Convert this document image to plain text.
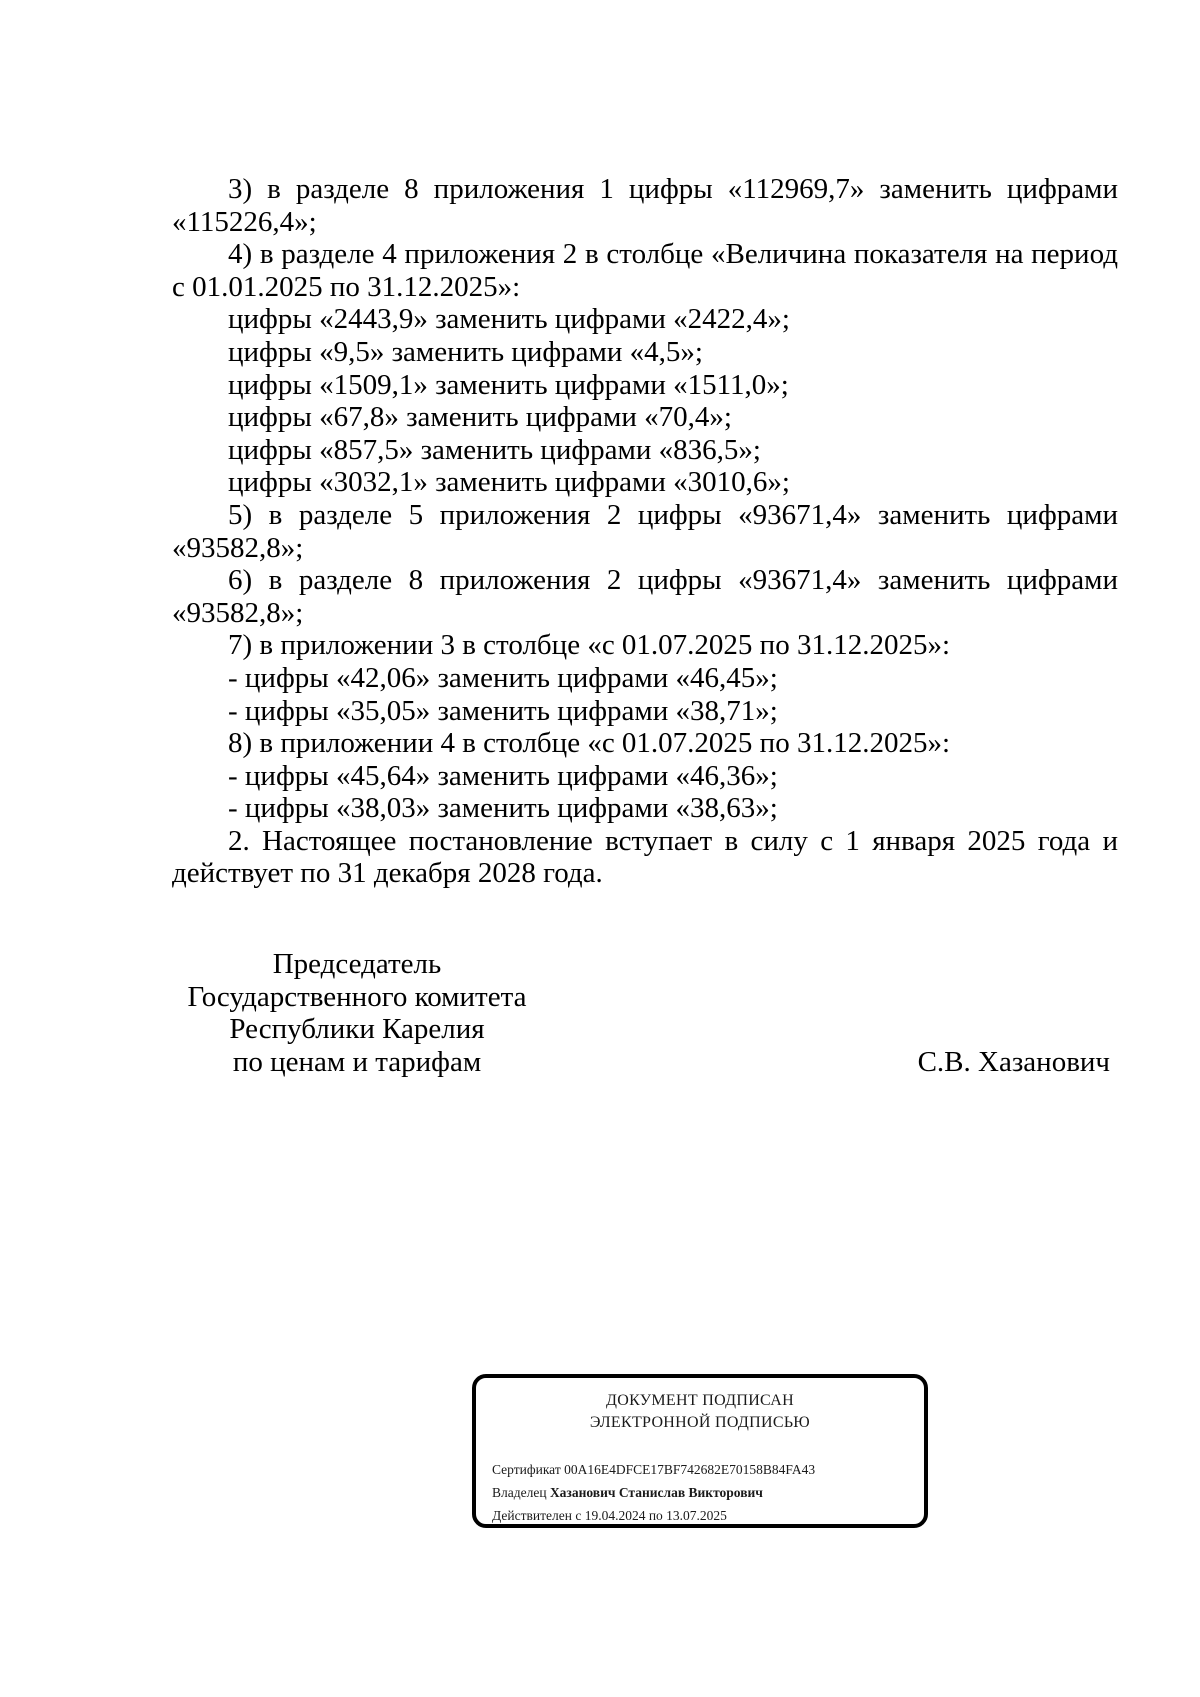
3) в разделе 8 приложения 1 цифры «112969,7» заменить цифрами «115226,4»;

4) в разделе 4 приложения 2 в столбце «Величина показателя на период с 01.01.2025 по 31.12.2025»:

цифры «2443,9» заменить цифрами «2422,4»;

цифры «9,5» заменить цифрами «4,5»;

цифры «1509,1» заменить цифрами «1511,0»;

цифры «67,8» заменить цифрами «70,4»;

цифры «857,5» заменить цифрами «836,5»;

цифры «3032,1» заменить цифрами «3010,6»;

5) в разделе 5 приложения 2 цифры «93671,4» заменить цифрами «93582,8»;

6) в разделе 8 приложения 2 цифры «93671,4» заменить цифрами «93582,8»;

7) в приложении 3 в столбце «с 01.07.2025 по 31.12.2025»:

- цифры «42,06» заменить цифрами «46,45»;

- цифры «35,05» заменить цифрами «38,71»;

8) в приложении 4 в столбце «с 01.07.2025 по 31.12.2025»:

- цифры «45,64» заменить цифрами «46,36»;

- цифры «38,03» заменить цифрами «38,63»;

2. Настоящее постановление вступает в силу с 1 января 2025 года и действует по 31 декабря 2028 года.

Председатель
Государственного комитета
Республики Карелия
по ценам и тарифам	С.В. Хазанович
ДОКУМЕНТ ПОДПИСАН
ЭЛЕКТРОННОЙ ПОДПИСЬЮ
Сертификат 00A16E4DFCE17BF742682E70158B84FA43
Владелец Хазанович Станислав Викторович
Действителен с 19.04.2024 по 13.07.2025
